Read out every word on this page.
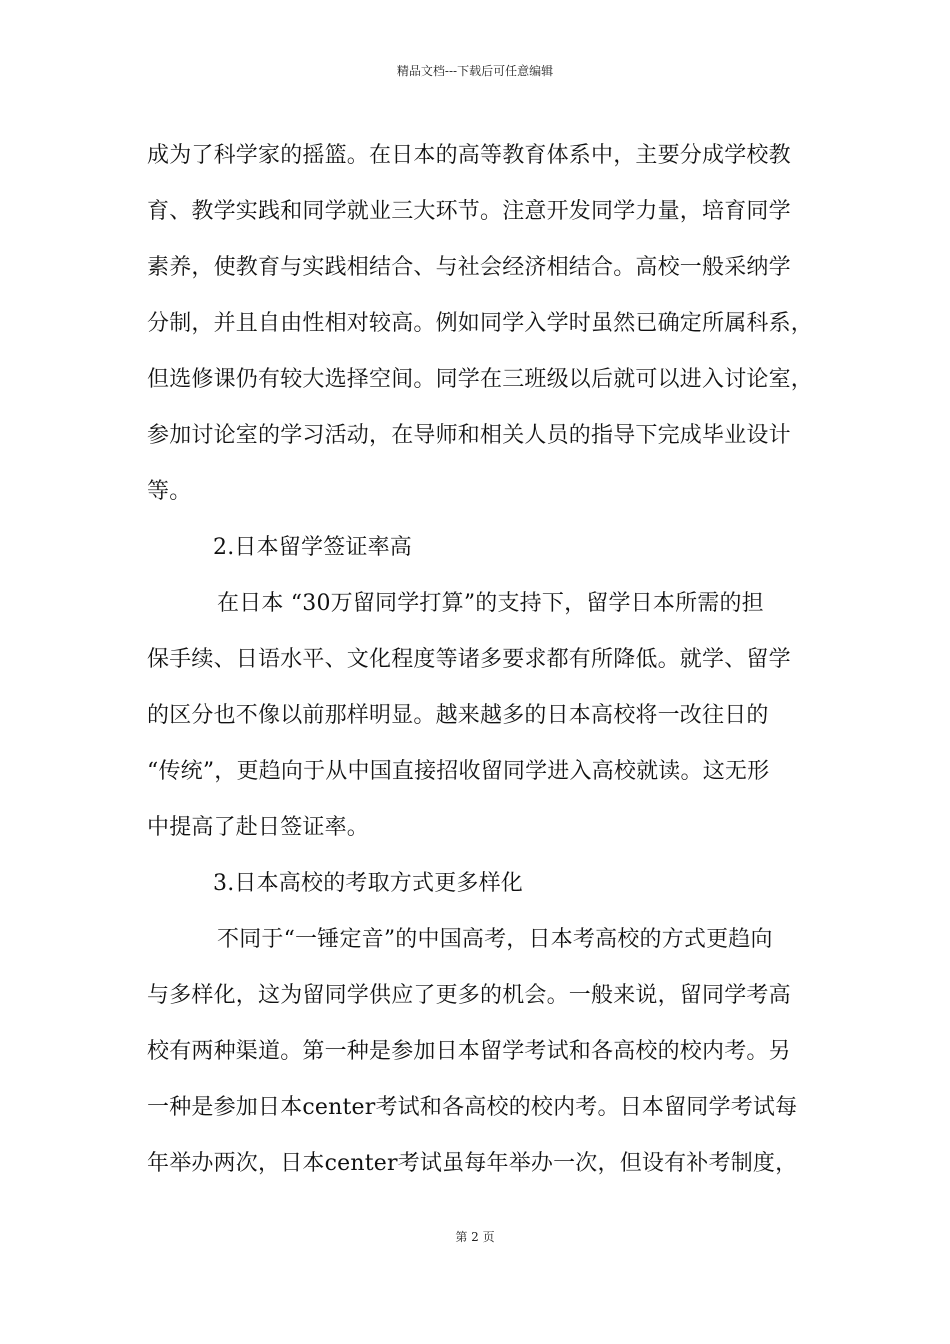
精品文档---下载后可任意编辑
成为了科学家的摇篮。在日本的高等教育体系中，主要分成学校教
育、教学实践和同学就业三大环节。注意开发同学力量，培育同学
素养，使教育与实践相结合、与社会经济相结合。高校一般采纳学
分制，并且自由性相对较高。例如同学入学时虽然已确定所属科系，
但选修课仍有较大选择空间。同学在三班级以后就可以进入讨论室，
参加讨论室的学习活动，在导师和相关人员的指导下完成毕业设计
等。
2.日本留学签证率高
在日本 “30万留同学打算”的支持下，留学日本所需的担
保手续、日语水平、文化程度等诸多要求都有所降低。就学、留学
的区分也不像以前那样明显。越来越多的日本高校将一改往日的
“传统”，更趋向于从中国直接招收留同学进入高校就读。这无形
中提高了赴日签证率。
3.日本高校的考取方式更多样化
不同于“一锤定音”的中国高考，日本考高校的方式更趋向
与多样化，这为留同学供应了更多的机会。一般来说，留同学考高
校有两种渠道。第一种是参加日本留学考试和各高校的校内考。另
一种是参加日本center考试和各高校的校内考。日本留同学考试每
年举办两次，日本center考试虽每年举办一次，但设有补考制度，
第 2 页
